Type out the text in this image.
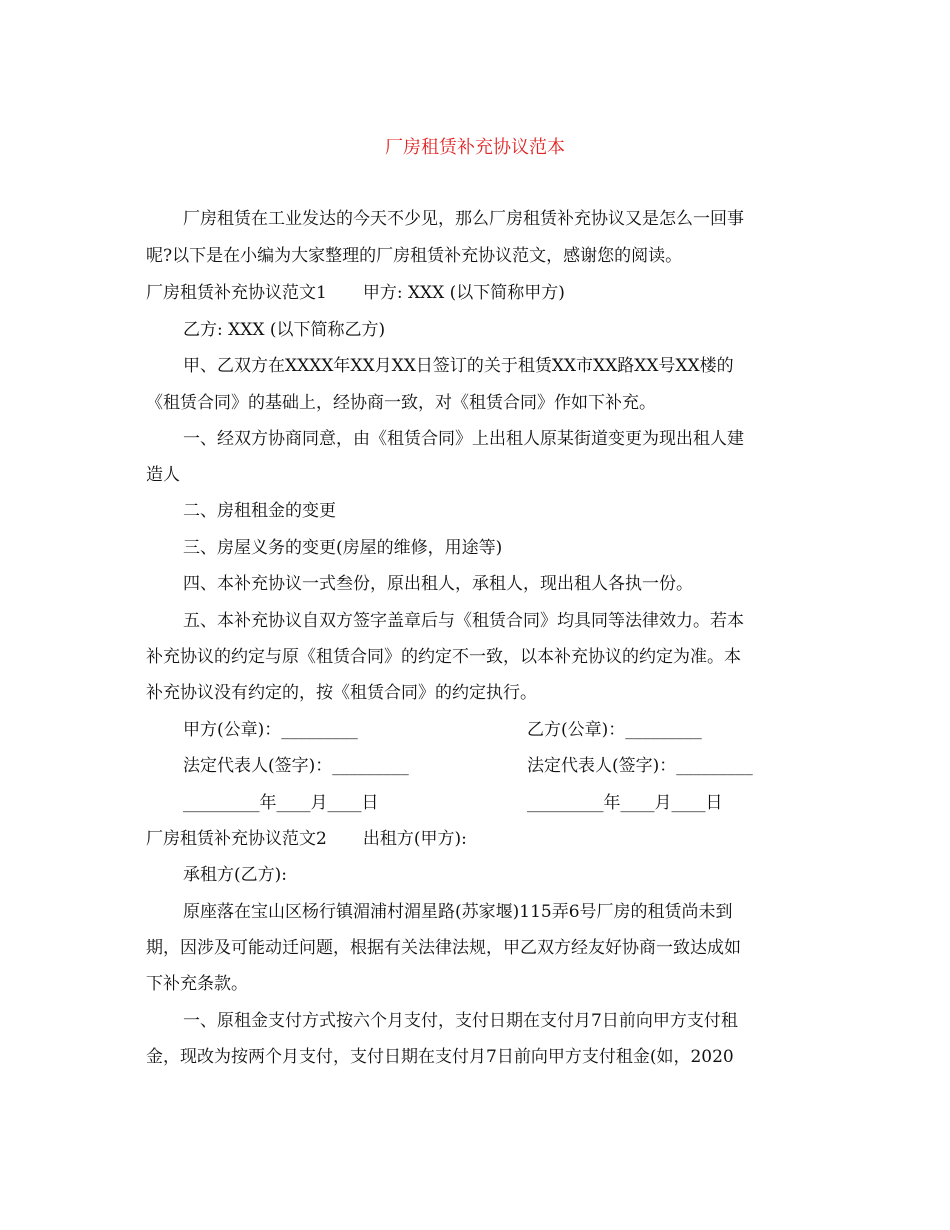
厂房租赁补充协议范本
厂房租赁在工业发达的今天不少见，那么厂房租赁补充协议又是怎么一回事
呢?以下是在小编为大家整理的厂房租赁补充协议范文，感谢您的阅读。
厂房租赁补充协议范文1 甲方: XXX (以下简称甲方)
乙方: XXX (以下简称乙方)
甲、乙双方在XXXX年XX月XX日签订的关于租赁XX市XX路XX号XX楼的
《租赁合同》的基础上，经协商一致，对《租赁合同》作如下补充。
一、经双方协商同意，由《租赁合同》上出租人原某街道变更为现出租人建
造人
二、房租租金的变更
三、房屋义务的变更(房屋的维修，用途等)
四、本补充协议一式叁份，原出租人，承租人，现出租人各执一份。
五、本补充协议自双方签字盖章后与《租赁合同》均具同等法律效力。若本
补充协议的约定与原《租赁合同》的约定不一致，以本补充协议的约定为准。本
补充协议没有约定的，按《租赁合同》的约定执行。
甲方(公章)：_________	乙方(公章)：_________
法定代表人(签字)：_________	法定代表人(签字)：_________
_________年____月____日	_________年____月____日
厂房租赁补充协议范文2 出租方(甲方):
承租方(乙方):
原座落在宝山区杨行镇湄浦村湄星路(苏家堰)115弄6号厂房的租赁尚未到
期，因涉及可能动迁问题，根据有关法律法规，甲乙双方经友好协商一致达成如
下补充条款。
一、原租金支付方式按六个月支付，支付日期在支付月7日前向甲方支付租
金，现改为按两个月支付，支付日期在支付月7日前向甲方支付租金(如，2020
